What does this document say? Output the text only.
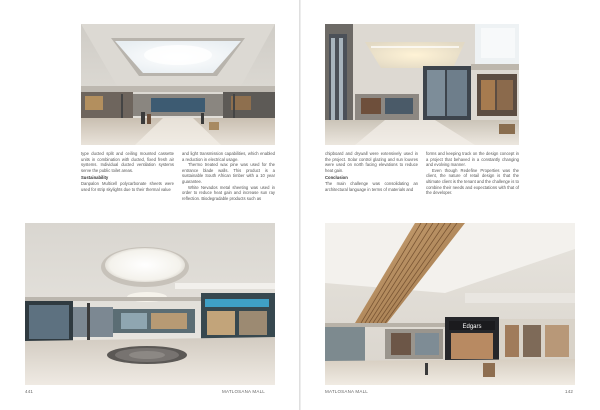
type ducted split and ceiling mounted cassette units in combination with ducted, fixed fresh air systems. Individual ducted ventilation systems serve the public toilet areas.

Sustainability

Danpalon Multicell polycarbonate sheets were used for strip skylights due to their thermal value

and light transmission capabilities, which enabled a reduction in electrical usage.

Thermo treated wax pine was used for the entrance blade walls. This product is a sustainable South African timber with a 10 year guarantee.

White Nevados metal sheeting was used in order to reduce heat gain and increase sun ray reflection. Biodegradable products such as

chipboard and drywall were extensively used in the project. Solar control glazing and sun louvres were used on north facing elevations to reduce heat gain.

Conclusion

The main challenge was consolidating an architectural language in terms of materials and

forms and keeping track on the design concept in a project that behaved in a constantly changing and evolving manner.

Even though Redefine Properties was the client, the nature of retail design is that the ultimate client is the tenant and the challenge is to combine their needs and expectations with that of the developer.

Edgars
441	MATLOSANA MALL	MATLOSANA MALL	142
